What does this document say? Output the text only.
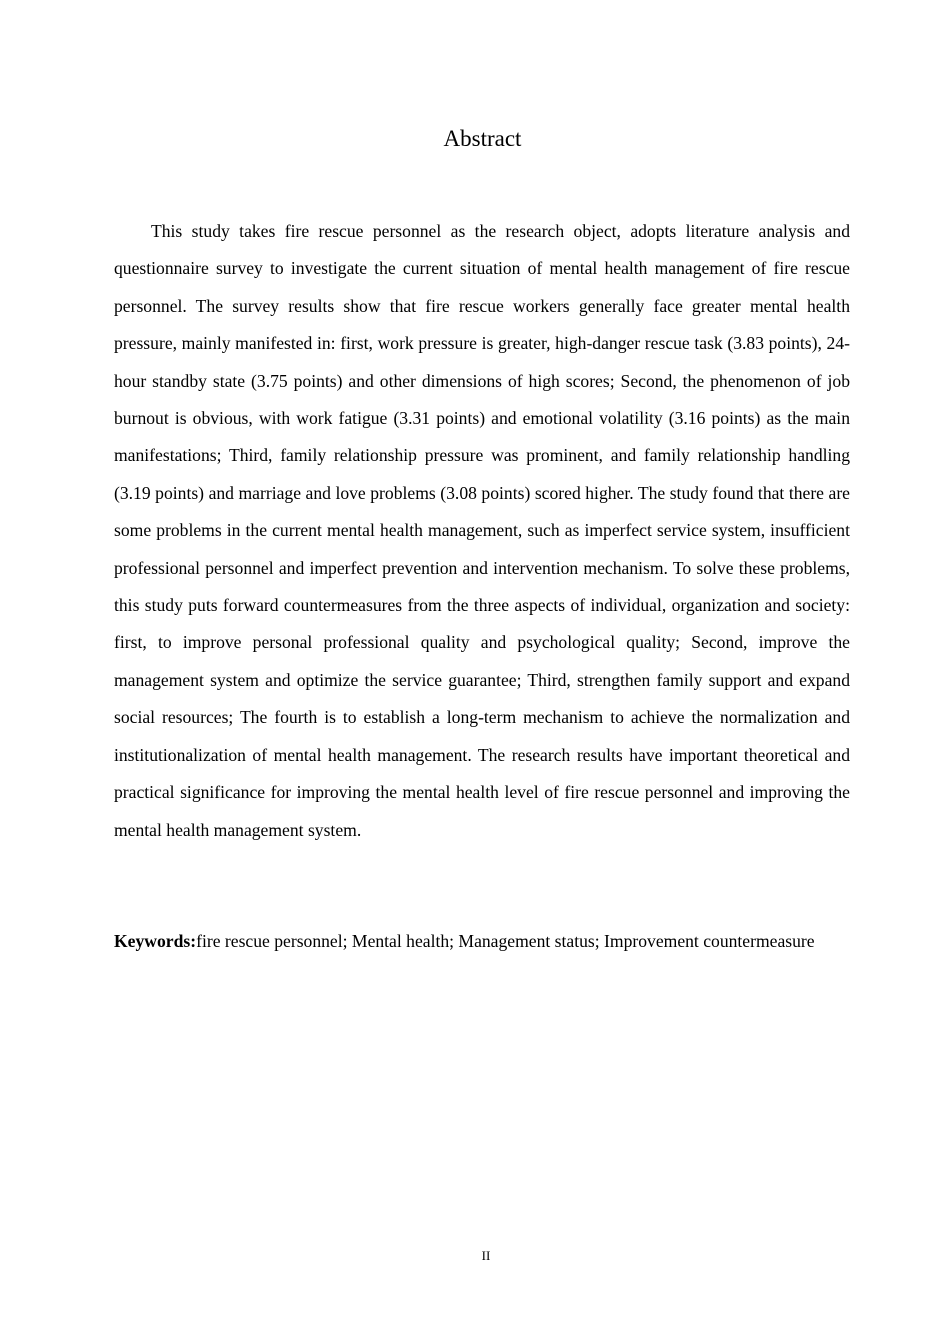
Abstract

This study takes fire rescue personnel as the research object, adopts literature analysis and questionnaire survey to investigate the current situation of mental health management of fire rescue personnel. The survey results show that fire rescue workers generally face greater mental health pressure, mainly manifested in: first, work pressure is greater, high-danger rescue task (3.83 points), 24-hour standby state (3.75 points) and other dimensions of high scores; Second, the phenomenon of job burnout is obvious, with work fatigue (3.31 points) and emotional volatility (3.16 points) as the main manifestations; Third, family relationship pressure was prominent, and family relationship handling (3.19 points) and marriage and love problems (3.08 points) scored higher. The study found that there are some problems in the current mental health management, such as imperfect service system, insufficient professional personnel and imperfect prevention and intervention mechanism. To solve these problems, this study puts forward countermeasures from the three aspects of individual, organization and society: first, to improve personal professional quality and psychological quality; Second, improve the management system and optimize the service guarantee; Third, strengthen family support and expand social resources; The fourth is to establish a long-term mechanism to achieve the normalization and institutionalization of mental health management. The research results have important theoretical and practical significance for improving the mental health level of fire rescue personnel and improving the mental health management system.

Keywords:fire rescue personnel; Mental health; Management status; Improvement countermeasure

II
